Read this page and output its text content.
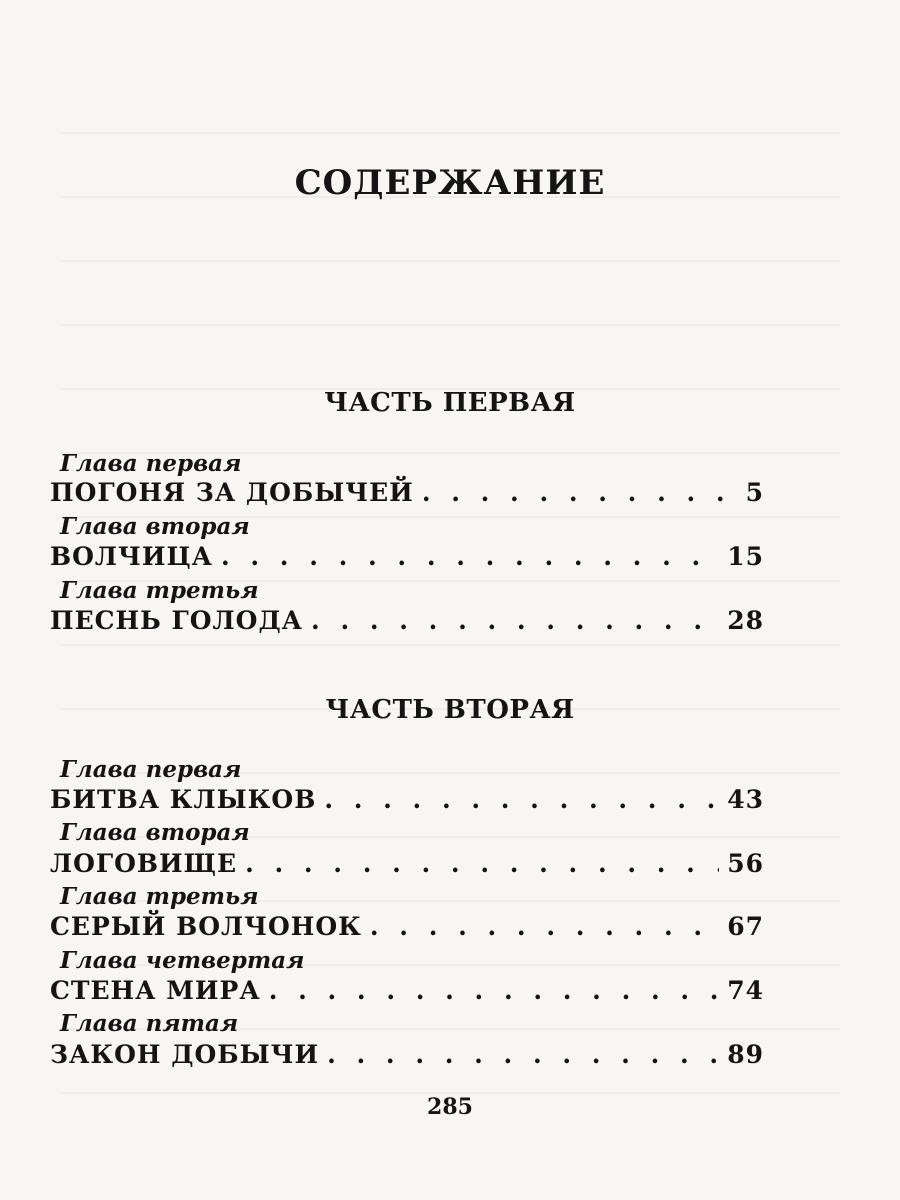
СОДЕРЖАНИЕ
ЧАСТЬ ПЕРВАЯ
Глава первая
ПОГОНЯ ЗА ДОБЫЧЕЙ . . .	5
Глава вторая
ВОЛЧИЦА . . .	15
Глава третья
ПЕСНЬ ГОЛОДА . . .	28
ЧАСТЬ ВТОРАЯ
Глава первая
БИТВА КЛЫКОВ . . .	43
Глава вторая
ЛОГОВИЩЕ . . .	56
Глава третья
СЕРЫЙ ВОЛЧОНОК . . .	67
Глава четвертая
СТЕНА МИРА . . .	74
Глава пятая
ЗАКОН ДОБЫЧИ . . .	89
285
